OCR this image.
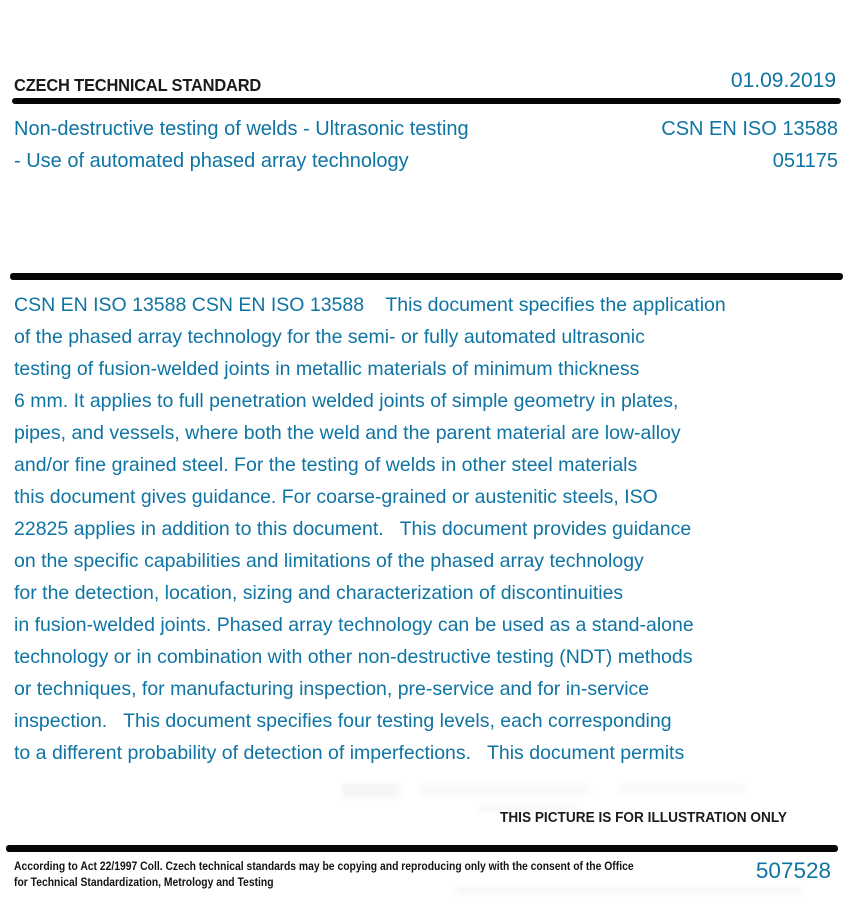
CZECH TECHNICAL STANDARD	01.09.2019
Non-destructive testing of welds - Ultrasonic testing
- Use of automated phased array technology
CSN EN ISO 13588
051175
CSN EN ISO 13588 CSN EN ISO 13588    This document specifies the application
of the phased array technology for the semi- or fully automated ultrasonic
testing of fusion-welded joints in metallic materials of minimum thickness
6 mm. It applies to full penetration welded joints of simple geometry in plates,
pipes, and vessels, where both the weld and the parent material are low-alloy
and/or fine grained steel. For the testing of welds in other steel materials
this document gives guidance. For coarse-grained or austenitic steels, ISO
22825 applies in addition to this document.   This document provides guidance
on the specific capabilities and limitations of the phased array technology
for the detection, location, sizing and characterization of discontinuities
in fusion-welded joints. Phased array technology can be used as a stand-alone
technology or in combination with other non-destructive testing (NDT) methods
or techniques, for manufacturing inspection, pre-service and for in-service
inspection.   This document specifies four testing levels, each corresponding
to a different probability of detection of imperfections.   This document permits
THIS PICTURE IS FOR ILLUSTRATION ONLY
According to Act 22/1997 Coll. Czech technical standards may be copying and reproducing only with the consent of the Office
for Technical Standardization, Metrology and Testing	507528
